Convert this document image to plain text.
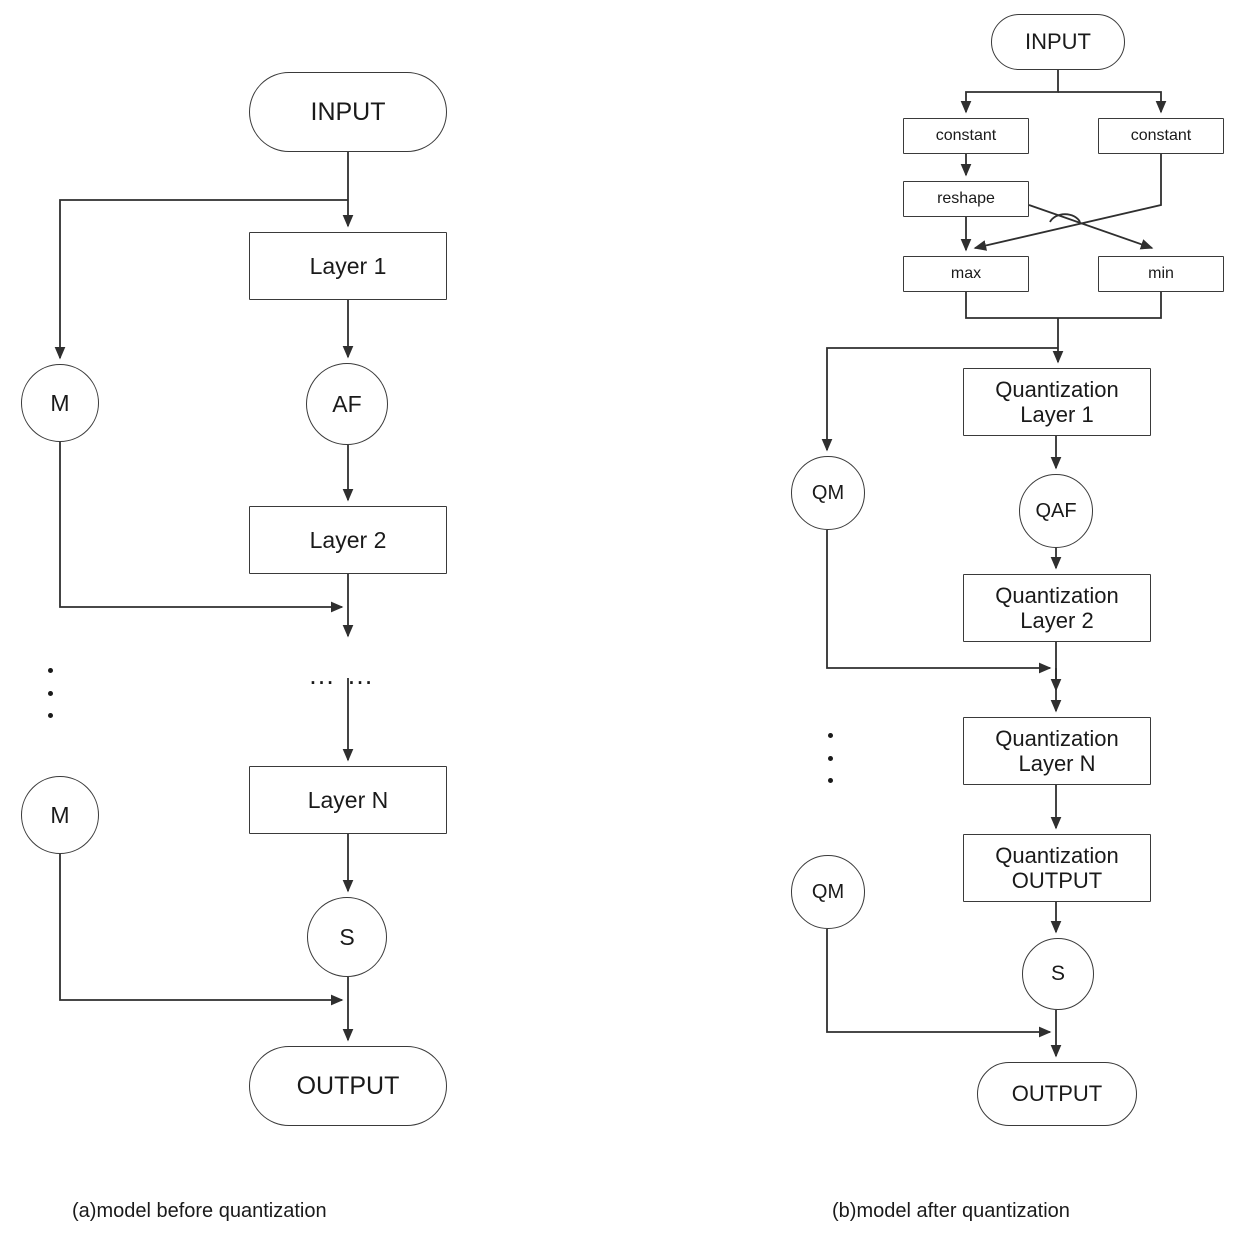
INPUT
Layer 1
AF
Layer 2
Layer N
S
OUTPUT
M
M
… …
INPUT
constant	constant
reshape
max	min
Quantization
Layer 1
QAF
Quantization
Layer 2
Quantization
Layer N
Quantization
OUTPUT
S
OUTPUT
QM
QM
(a)model before quantization	(b)model after quantization
